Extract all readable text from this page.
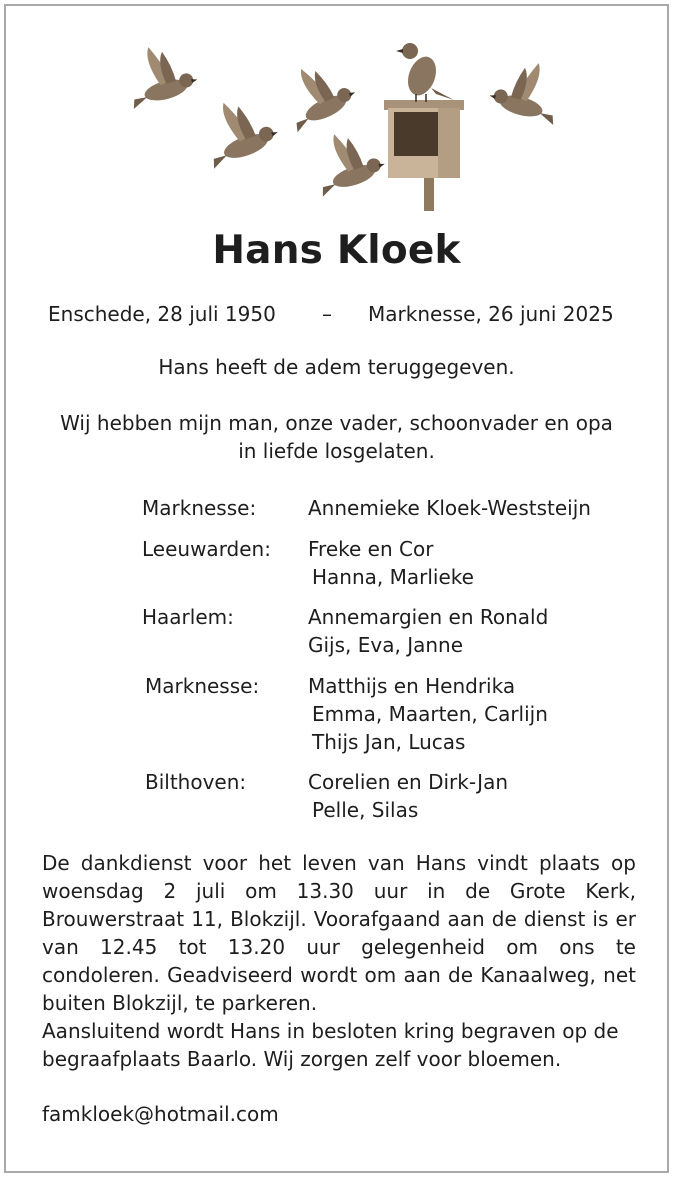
Hans Kloek
Enschede, 28 juli 1950 – Marknesse, 26 juni 2025
Hans heeft de adem teruggegeven.
Wij hebben mijn man, onze vader, schoonvader en opa
in liefde losgelaten.
Marknesse:	Annemieke Kloek-Weststeijn
Leeuwarden: Freke en Cor
Hanna, Marlieke
Haarlem:	Annemargien en Ronald
Gijs, Eva, Janne
Marknesse: Matthijs en Hendrika
Emma, Maarten, Carlijn
Thijs Jan, Lucas
Bilthoven:	Corelien en Dirk-Jan
Pelle, Silas
De dankdienst voor het leven van Hans vindt plaats op woensdag 2 juli om 13.30 uur in de Grote Kerk, Brouwerstraat 11, Blokzijl. Voorafgaand aan de dienst is er van 12.45 tot 13.20 uur gelegenheid om ons te condoleren. Geadviseerd wordt om aan de Kanaalweg, net buiten Blokzijl, te parkeren.
Aansluitend wordt Hans in besloten kring begraven op de begraafplaats Baarlo. Wij zorgen zelf voor bloemen.
famkloek@hotmail.com
